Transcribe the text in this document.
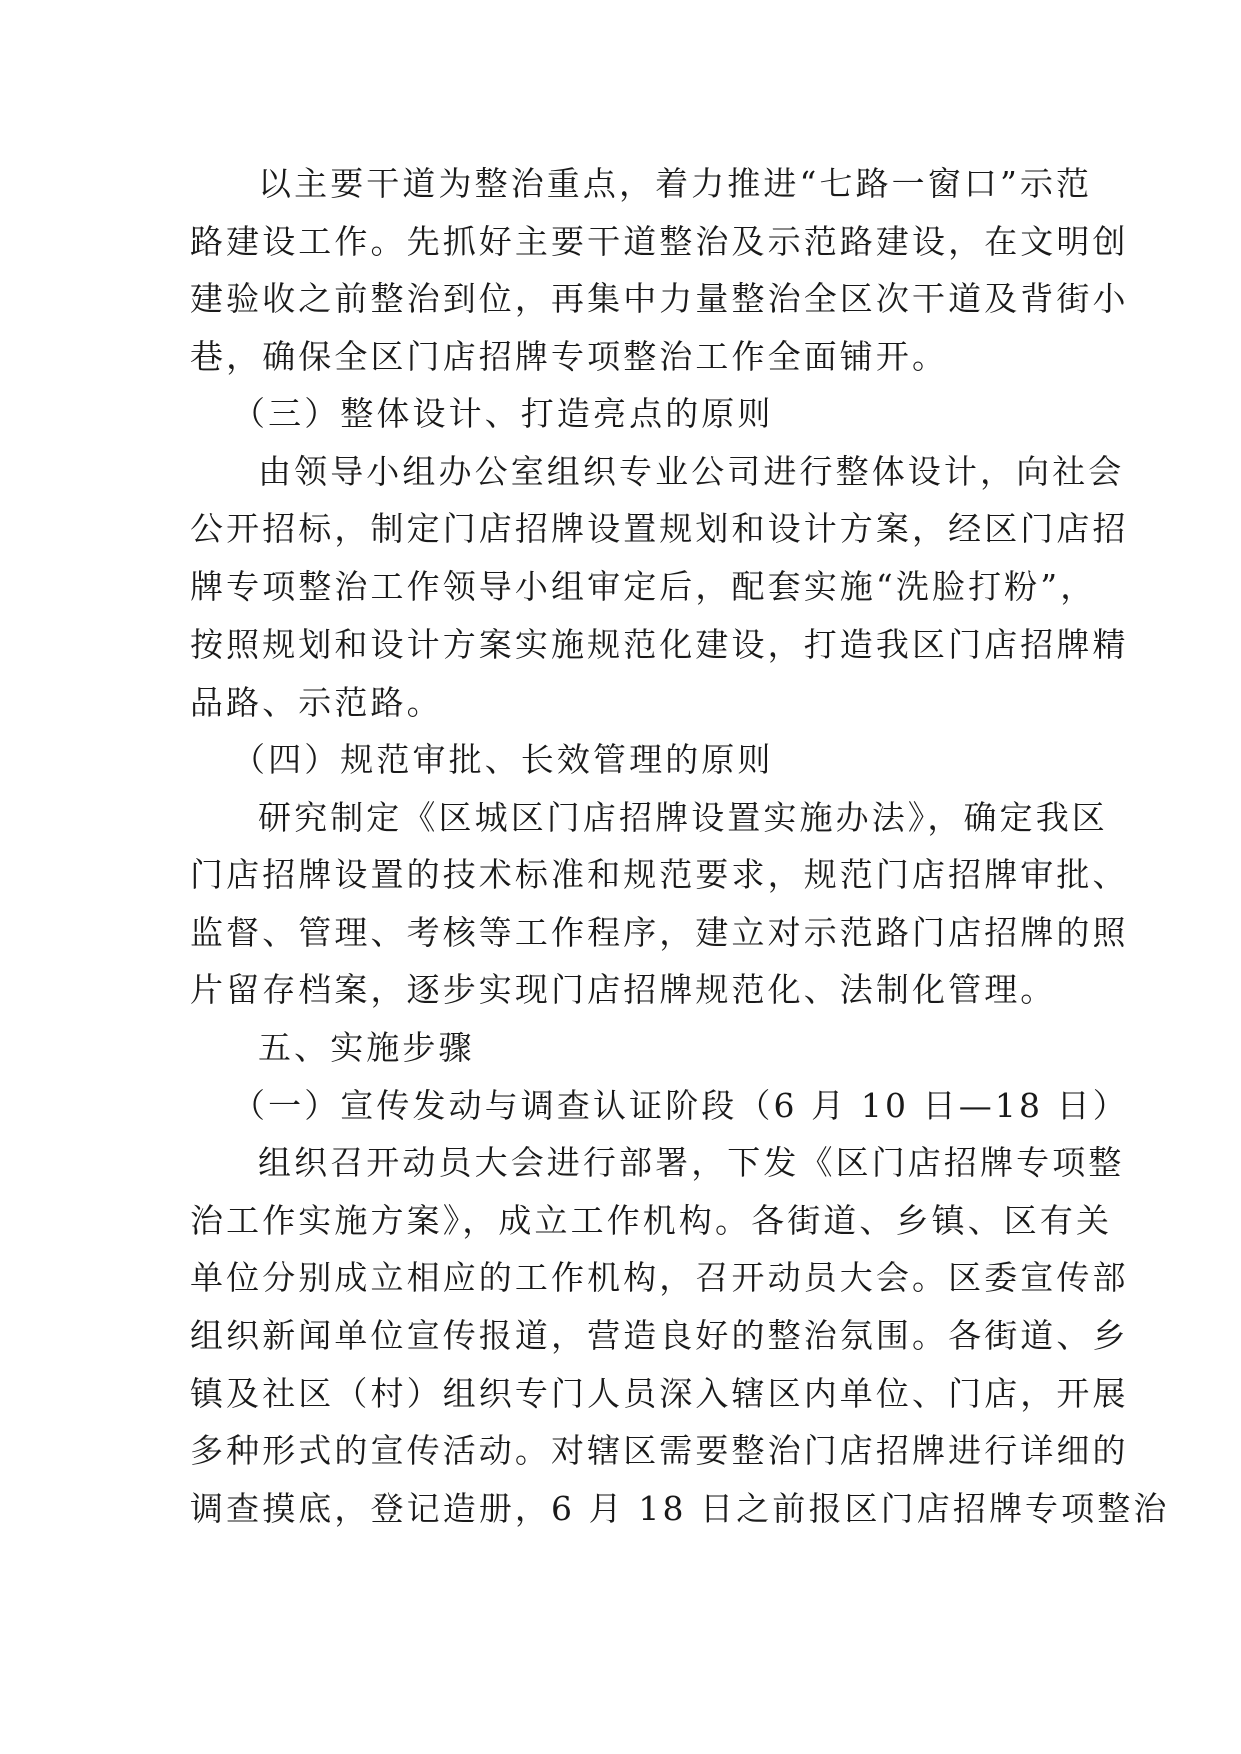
以主要干道为整治重点，着力推进“七路一窗口”示范
路建设工作。先抓好主要干道整治及示范路建设，在文明创
建验收之前整治到位，再集中力量整治全区次干道及背街小
巷，确保全区门店招牌专项整治工作全面铺开。
（三）整体设计、打造亮点的原则
由领导小组办公室组织专业公司进行整体设计，向社会
公开招标，制定门店招牌设置规划和设计方案，经区门店招
牌专项整治工作领导小组审定后，配套实施“洗脸打粉”，
按照规划和设计方案实施规范化建设，打造我区门店招牌精
品路、示范路。
（四）规范审批、长效管理的原则
研究制定《区城区门店招牌设置实施办法》，确定我区
门店招牌设置的技术标准和规范要求，规范门店招牌审批、
监督、管理、考核等工作程序，建立对示范路门店招牌的照
片留存档案，逐步实现门店招牌规范化、法制化管理。
五、实施步骤
（一）宣传发动与调查认证阶段（6 月 10 日—18 日）
组织召开动员大会进行部署，下发《区门店招牌专项整
治工作实施方案》，成立工作机构。各街道、乡镇、区有关
单位分别成立相应的工作机构，召开动员大会。区委宣传部
组织新闻单位宣传报道，营造良好的整治氛围。各街道、乡
镇及社区（村）组织专门人员深入辖区内单位、门店，开展
多种形式的宣传活动。对辖区需要整治门店招牌进行详细的
调查摸底，登记造册，6 月 18 日之前报区门店招牌专项整治
